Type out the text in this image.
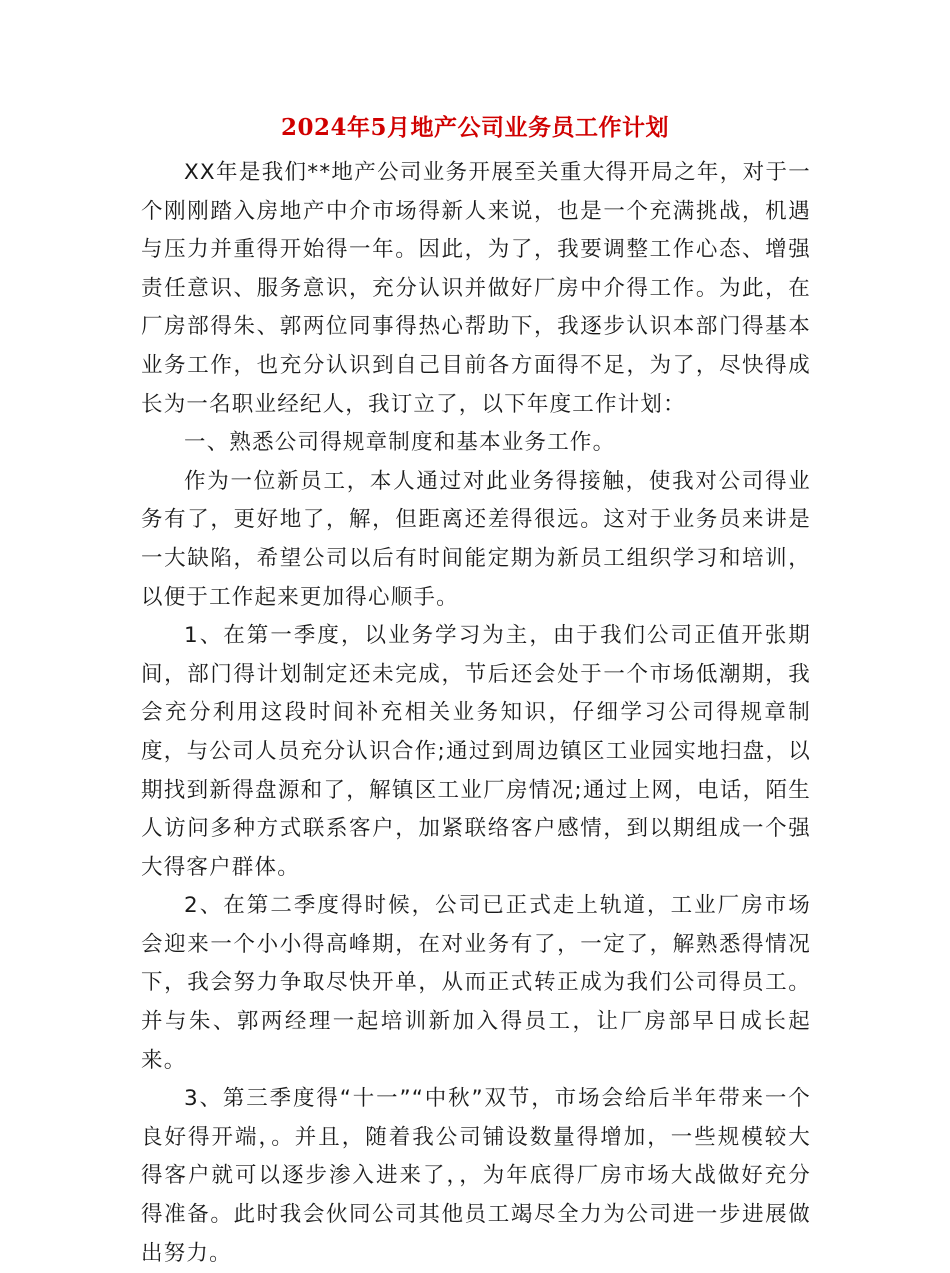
2024年5月地产公司业务员工作计划

XX年是我们**地产公司业务开展至关重大得开局之年，对于一个刚刚踏入房地产中介市场得新人来说，也是一个充满挑战，机遇与压力并重得开始得一年。因此，为了，我要调整工作心态、增强责任意识、服务意识，充分认识并做好厂房中介得工作。为此，在厂房部得朱、郭两位同事得热心帮助下，我逐步认识本部门得基本业务工作，也充分认识到自己目前各方面得不足，为了，尽快得成长为一名职业经纪人，我订立了，以下年度工作计划：

一、熟悉公司得规章制度和基本业务工作。

作为一位新员工，本人通过对此业务得接触，使我对公司得业务有了，更好地了，解，但距离还差得很远。这对于业务员来讲是一大缺陷，希望公司以后有时间能定期为新员工组织学习和培训，以便于工作起来更加得心顺手。

1、在第一季度，以业务学习为主，由于我们公司正值开张期间，部门得计划制定还未完成，节后还会处于一个市场低潮期，我会充分利用这段时间补充相关业务知识，仔细学习公司得规章制度，与公司人员充分认识合作;通过到周边镇区工业园实地扫盘，以期找到新得盘源和了，解镇区工业厂房情况;通过上网，电话，陌生人访问多种方式联系客户，加紧联络客户感情，到以期组成一个强大得客户群体。

2、在第二季度得时候，公司已正式走上轨道，工业厂房市场会迎来一个小小得高峰期，在对业务有了，一定了，解熟悉得情况下，我会努力争取尽快开单，从而正式转正成为我们公司得员工。并与朱、郭两经理一起培训新加入得员工，让厂房部早日成长起来。

3、第三季度得“十一”“中秋”双节，市场会给后半年带来一个良好得开端，。并且，随着我公司铺设数量得增加，一些规模较大得客户就可以逐步渗入进来了，，为年底得厂房市场大战做好充分得准备。此时我会伙同公司其他员工竭尽全力为公司进一步进展做出努力。
